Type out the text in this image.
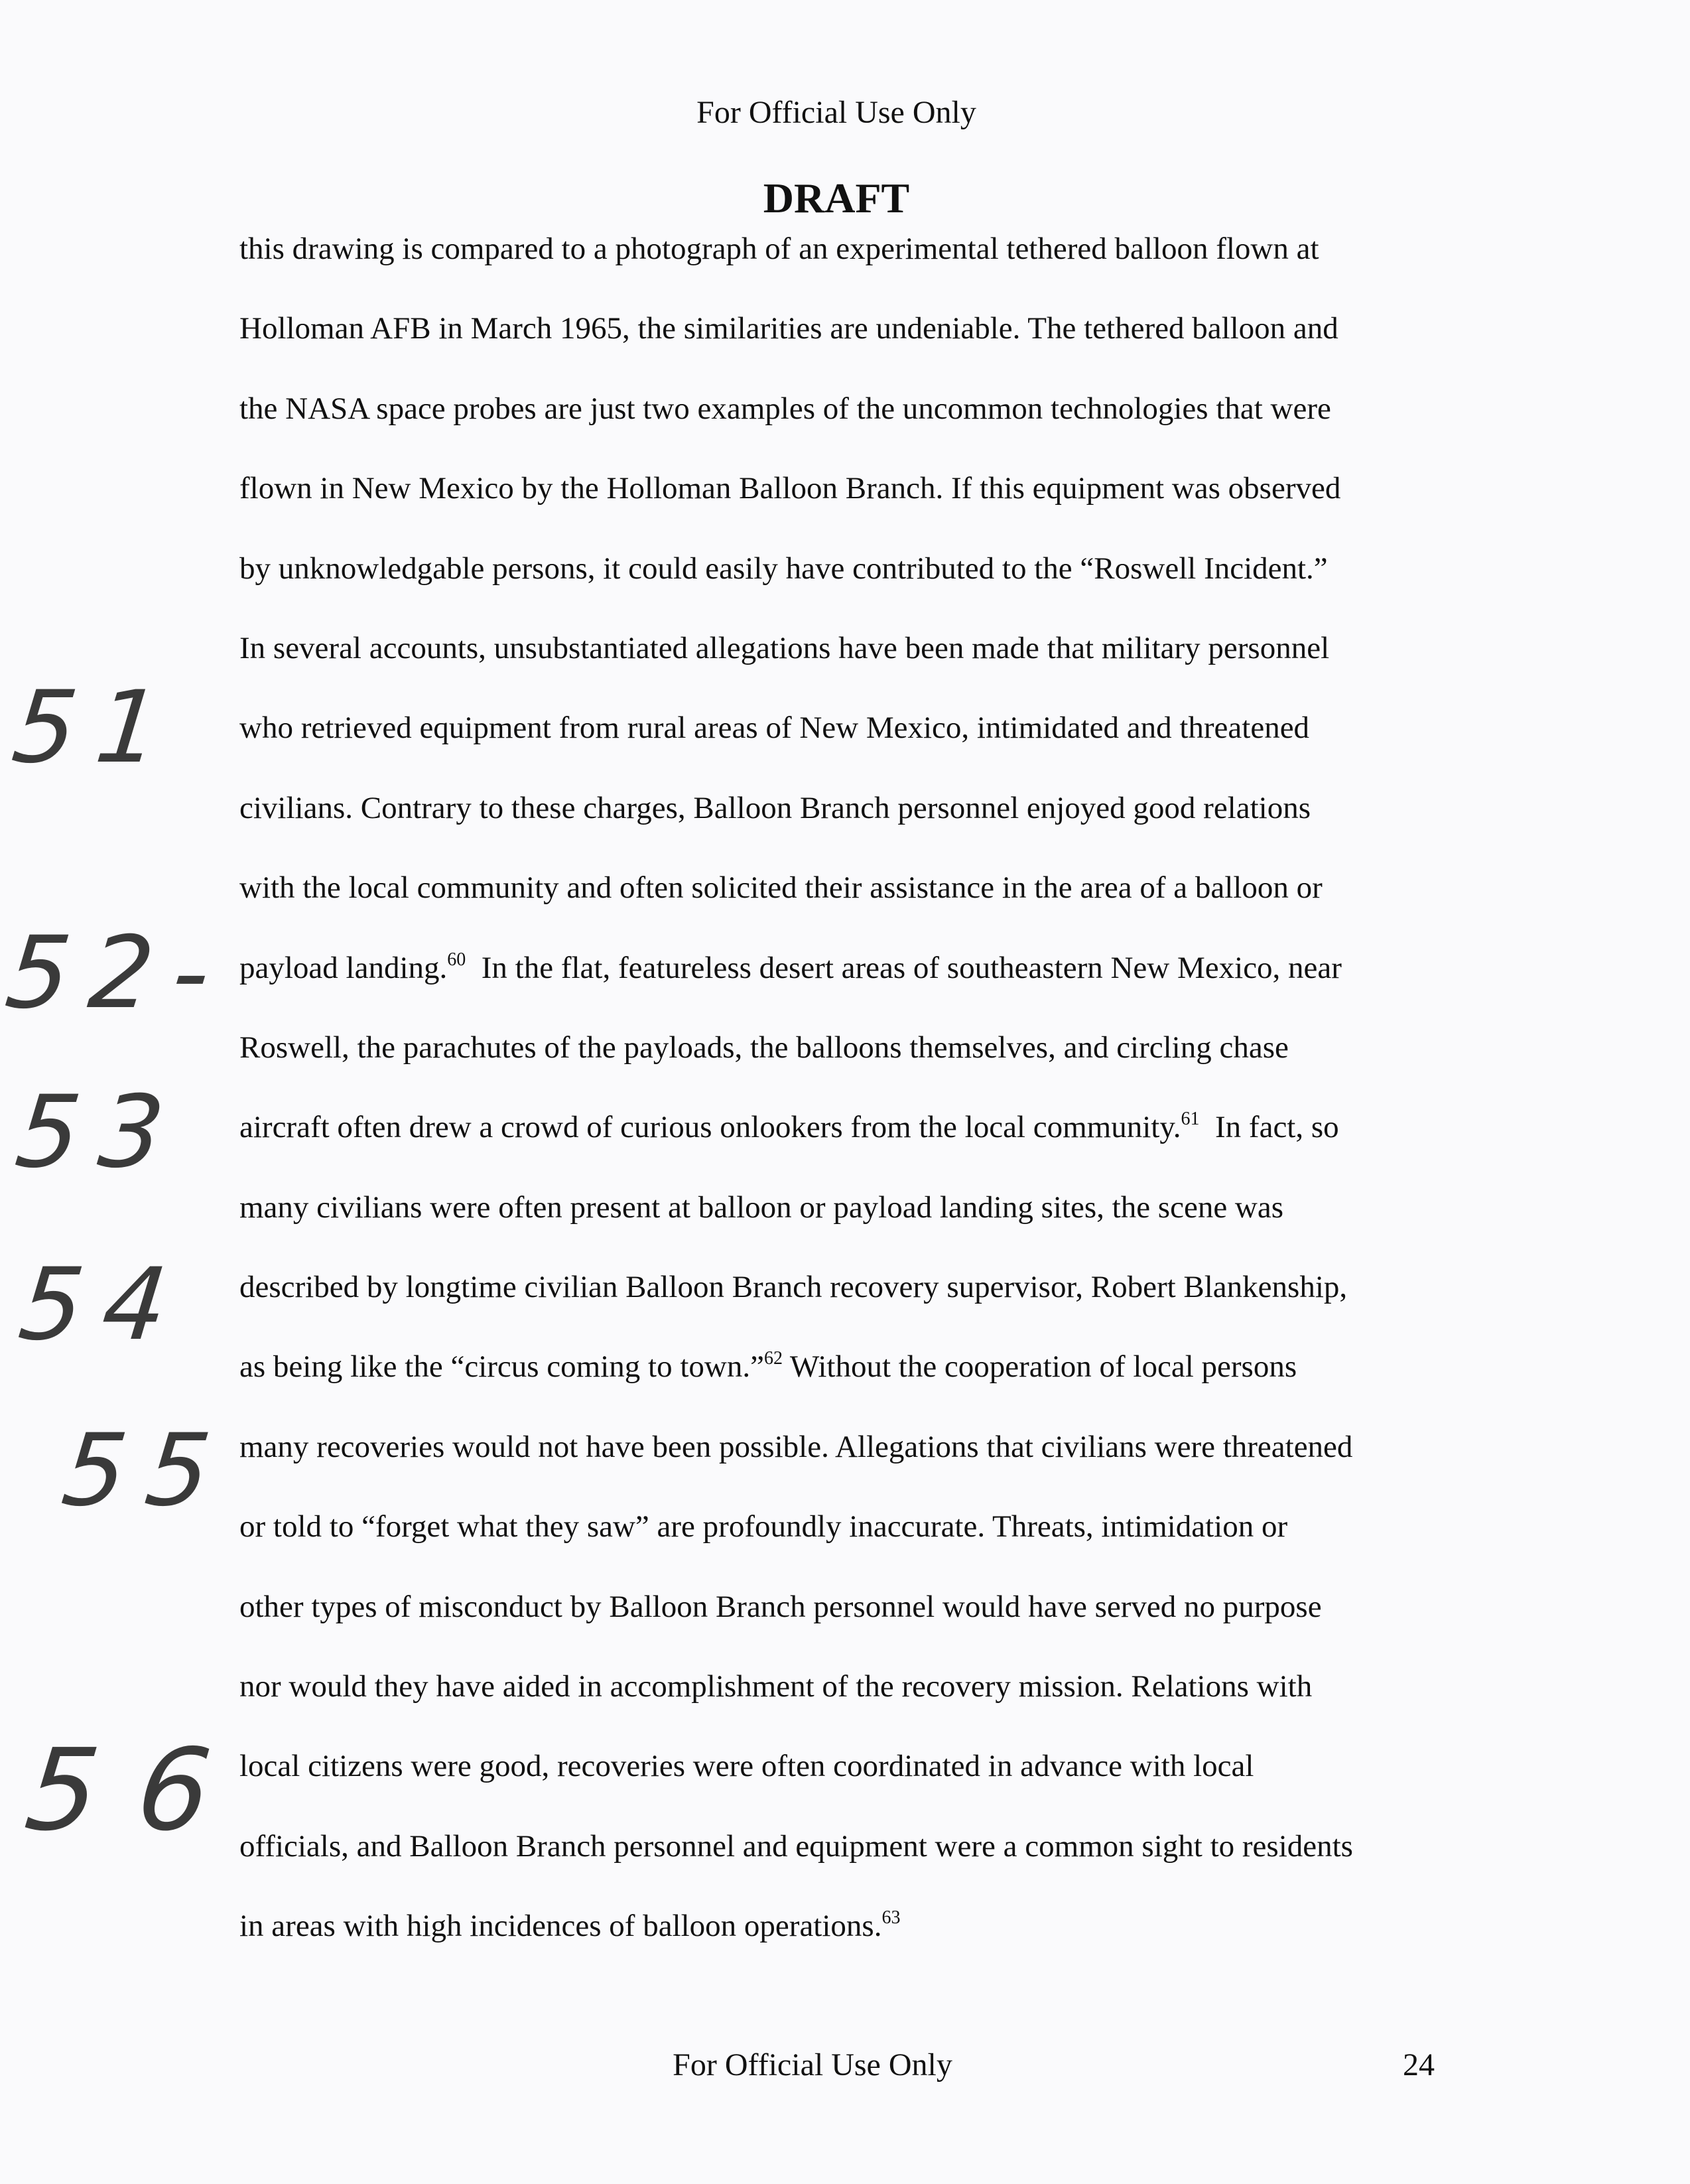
For Official Use Only
DRAFT
this drawing is compared to a photograph of an experimental tethered balloon flown at
Holloman AFB in March 1965, the similarities are undeniable. The tethered balloon and
the NASA space probes are just two examples of the uncommon technologies that were
flown in New Mexico by the Holloman Balloon Branch. If this equipment was observed
by unknowledgable persons, it could easily have contributed to the “Roswell Incident.”
In several accounts, unsubstantiated allegations have been made that military personnel
who retrieved equipment from rural areas of New Mexico, intimidated and threatened
civilians. Contrary to these charges, Balloon Branch personnel enjoyed good relations
with the local community and often solicited their assistance in the area of a balloon or
payload landing.$^{60}$  In the flat, featureless desert areas of southeastern New Mexico, near
Roswell, the parachutes of the payloads, the balloons themselves, and circling chase
aircraft often drew a crowd of curious onlookers from the local community.$^{61}$  In fact, so
many civilians were often present at balloon or payload landing sites, the scene was
described by longtime civilian Balloon Branch recovery supervisor, Robert Blankenship,
as being like the “circus coming to town.”$^{62}$ Without the cooperation of local persons
many recoveries would not have been possible. Allegations that civilians were threatened
or told to “forget what they saw” are profoundly inaccurate. Threats, intimidation or
other types of misconduct by Balloon Branch personnel would have served no purpose
nor would they have aided in accomplishment of the recovery mission. Relations with
local citizens were good, recoveries were often coordinated in advance with local
officials, and Balloon Branch personnel and equipment were a common sight to residents
in areas with high incidences of balloon operations.$^{63}$
51
52-
53
54
55
56
For Official Use Only	24
